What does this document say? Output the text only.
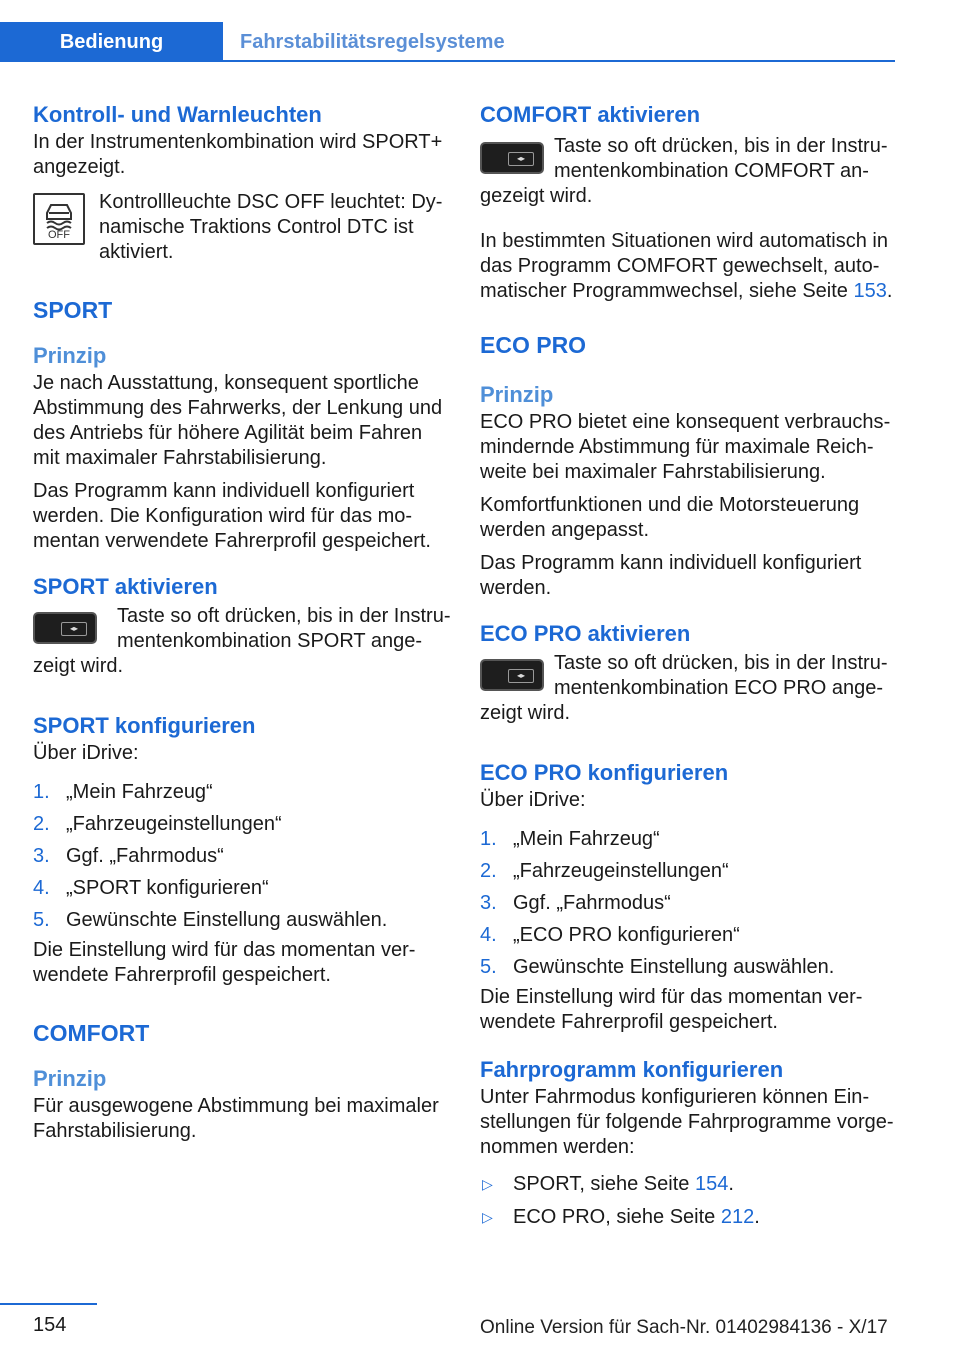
Bedienung	Fahrstabilitätsregelsysteme
Kontroll- und Warnleuchten

In der Instrumentenkombination wird SPORT+ angezeigt.

OFF

Kontrollleuchte DSC OFF leuchtet: Dynamische Traktions Control DTC ist aktiviert.

SPORT
Prinzip

Je nach Ausstattung, konsequent sportliche Abstimmung des Fahrwerks, der Lenkung und des Antriebs für höhere Agilität beim Fahren mit maximaler Fahrstabilisierung.

Das Programm kann individuell konfiguriert werden. Die Konfiguration wird für das momentan verwendete Fahrerprofil gespeichert.

SPORT aktivieren
◂▸

Taste so oft drücken, bis in der Instrumentenkombination SPORT angezeigt wird.

SPORT konfigurieren

Über iDrive:

1. „Mein Fahrzeug“
2. „Fahrzeugeinstellungen“
3. Ggf. „Fahrmodus“
4. „SPORT konfigurieren“
5. Gewünschte Einstellung auswählen.

Die Einstellung wird für das momentan verwendete Fahrerprofil gespeichert.

COMFORT
Prinzip

Für ausgewogene Abstimmung bei maximaler Fahrstabilisierung.

COMFORT aktivieren
◂▸

Taste so oft drücken, bis in der Instrumentenkombination COMFORT angezeigt wird.

In bestimmten Situationen wird automatisch in das Programm COMFORT gewechselt, automatischer Programmwechsel, siehe Seite 153.

ECO PRO
Prinzip

ECO PRO bietet eine konsequent verbrauchsmindernde Abstimmung für maximale Reichweite bei maximaler Fahrstabilisierung.

Komfortfunktionen und die Motorsteuerung werden angepasst.

Das Programm kann individuell konfiguriert werden.

ECO PRO aktivieren
◂▸

Taste so oft drücken, bis in der Instrumentenkombination ECO PRO angezeigt wird.

ECO PRO konfigurieren

Über iDrive:

1. „Mein Fahrzeug“
2. „Fahrzeugeinstellungen“
3. Ggf. „Fahrmodus“
4. „ECO PRO konfigurieren“
5. Gewünschte Einstellung auswählen.

Die Einstellung wird für das momentan verwendete Fahrerprofil gespeichert.

Fahrprogramm konfigurieren

Unter Fahrmodus konfigurieren können Einstellungen für folgende Fahrprogramme vorgenommen werden:

▷ SPORT, siehe Seite 154.
▷ ECO PRO, siehe Seite 212.
154	Online Version für Sach-Nr. 01402984136 - X/17
